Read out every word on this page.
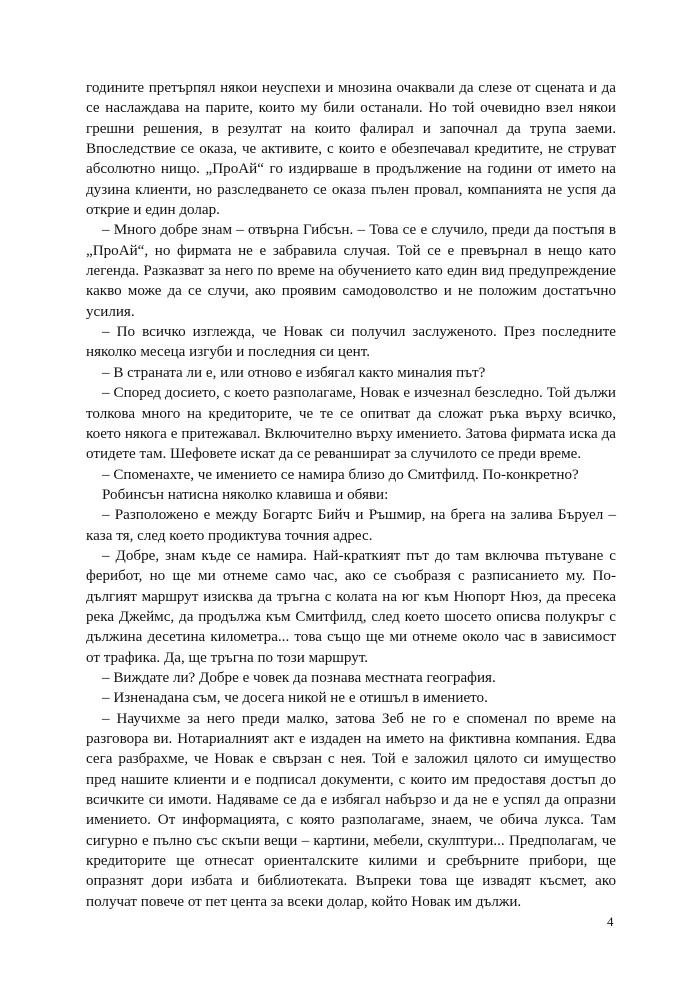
годините претърпял някои неуспехи и мнозина очаквали да слезе от сцената и да се наслаждава на парите, които му били останали. Но той очевидно взел някои грешни решения, в резултат на които фалирал и започнал да трупа заеми. Впоследствие се оказа, че активите, с които е обезпечавал кредитите, не струват абсолютно нищо. „ПроАй“ го издирваше в продължение на години от името на дузина клиенти, но разследването се оказа пълен провал, компанията не успя да открие и един долар.

– Много добре знам – отвърна Гибсън. – Това се е случило, преди да постъпя в „ПроАй“, но фирмата не е забравила случая. Той се е превърнал в нещо като легенда. Разказват за него по време на обучението като един вид предупреждение какво може да се случи, ако проявим самодоволство и не положим достатъчно усилия.

– По всичко изглежда, че Новак си получил заслуженото. През последните няколко месеца изгуби и последния си цент.

– В страната ли е, или отново е избягал както миналия път?

– Според досието, с което разполагаме, Новак е изчезнал безследно. Той дължи толкова много на кредиторите, че те се опитват да сложат ръка върху всичко, което някога е притежавал. Включително върху имението. Затова фирмата иска да отидете там. Шефовете искат да се реваншират за случилото се преди време.

– Споменахте, че имението се намира близо до Смитфилд. По-конкретно?

Робинсън натисна няколко клавиша и обяви:

– Разположено е между Богартс Бийч и Ръшмир, на брега на залива Бъруел – каза тя, след което продиктува точния адрес.

– Добре, знам къде се намира. Най-краткият път до там включва пътуване с ферибот, но ще ми отнеме само час, ако се съобразя с разписанието му. По-дългият маршрут изисква да тръгна с колата на юг към Нюпорт Нюз, да пресека река Джеймс, да продължа към Смитфилд, след което шосето описва полукръг с дължина десетина километра... това също ще ми отнеме около час в зависимост от трафика. Да, ще тръгна по този маршрут.

– Виждате ли? Добре е човек да познава местната география.

– Изненадана съм, че досега никой не е отишъл в имението.

– Научихме за него преди малко, затова Зеб не го е споменал по време на разговора ви. Нотариалният акт е издаден на името на фиктивна компания. Едва сега разбрахме, че Новак е свързан с нея. Той е заложил цялото си имущество пред нашите клиенти и е подписал документи, с които им предоставя достъп до всичките си имоти. Надяваме се да е избягал набързо и да не е успял да опразни имението. От информацията, с която разполагаме, знаем, че обича лукса. Там сигурно е пълно със скъпи вещи – картини, мебели, скулптури... Предполагам, че кредиторите ще отнесат ориенталските килими и сребърните прибори, ще опразнят дори избата и библиотеката. Въпреки това ще извадят късмет, ако получат повече от пет цента за всеки долар, който Новак им дължи.

4
